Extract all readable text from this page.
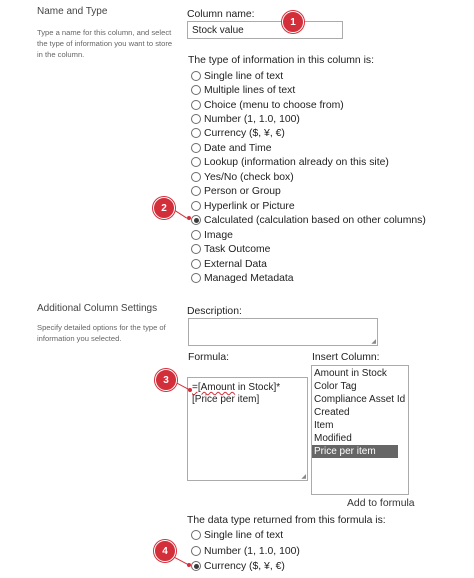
Name and Type
Type a name for this column, and select the type of information you want to store in the column.
Column name:
Stock value
The type of information in this column is:
Single line of text
Multiple lines of text
Choice (menu to choose from)
Number (1, 1.0, 100)
Currency ($, ¥, €)
Date and Time
Lookup (information already on this site)
Yes/No (check box)
Person or Group
Hyperlink or Picture
Calculated (calculation based on other columns)
Image
Task Outcome
External Data
Managed Metadata
Additional Column Settings
Specify detailed options for the type of information you selected.
Description:
◢
Formula:
=[Amount in Stock]*[Price per item]
◢
Insert Column:
Amount in Stock
Color Tag
Compliance Asset Id
Created
Item
Modified
Price per item
Add to formula
The data type returned from this formula is:
Single line of text
Number (1, 1.0, 100)
Currency ($, ¥, €)
1
2
3
4
